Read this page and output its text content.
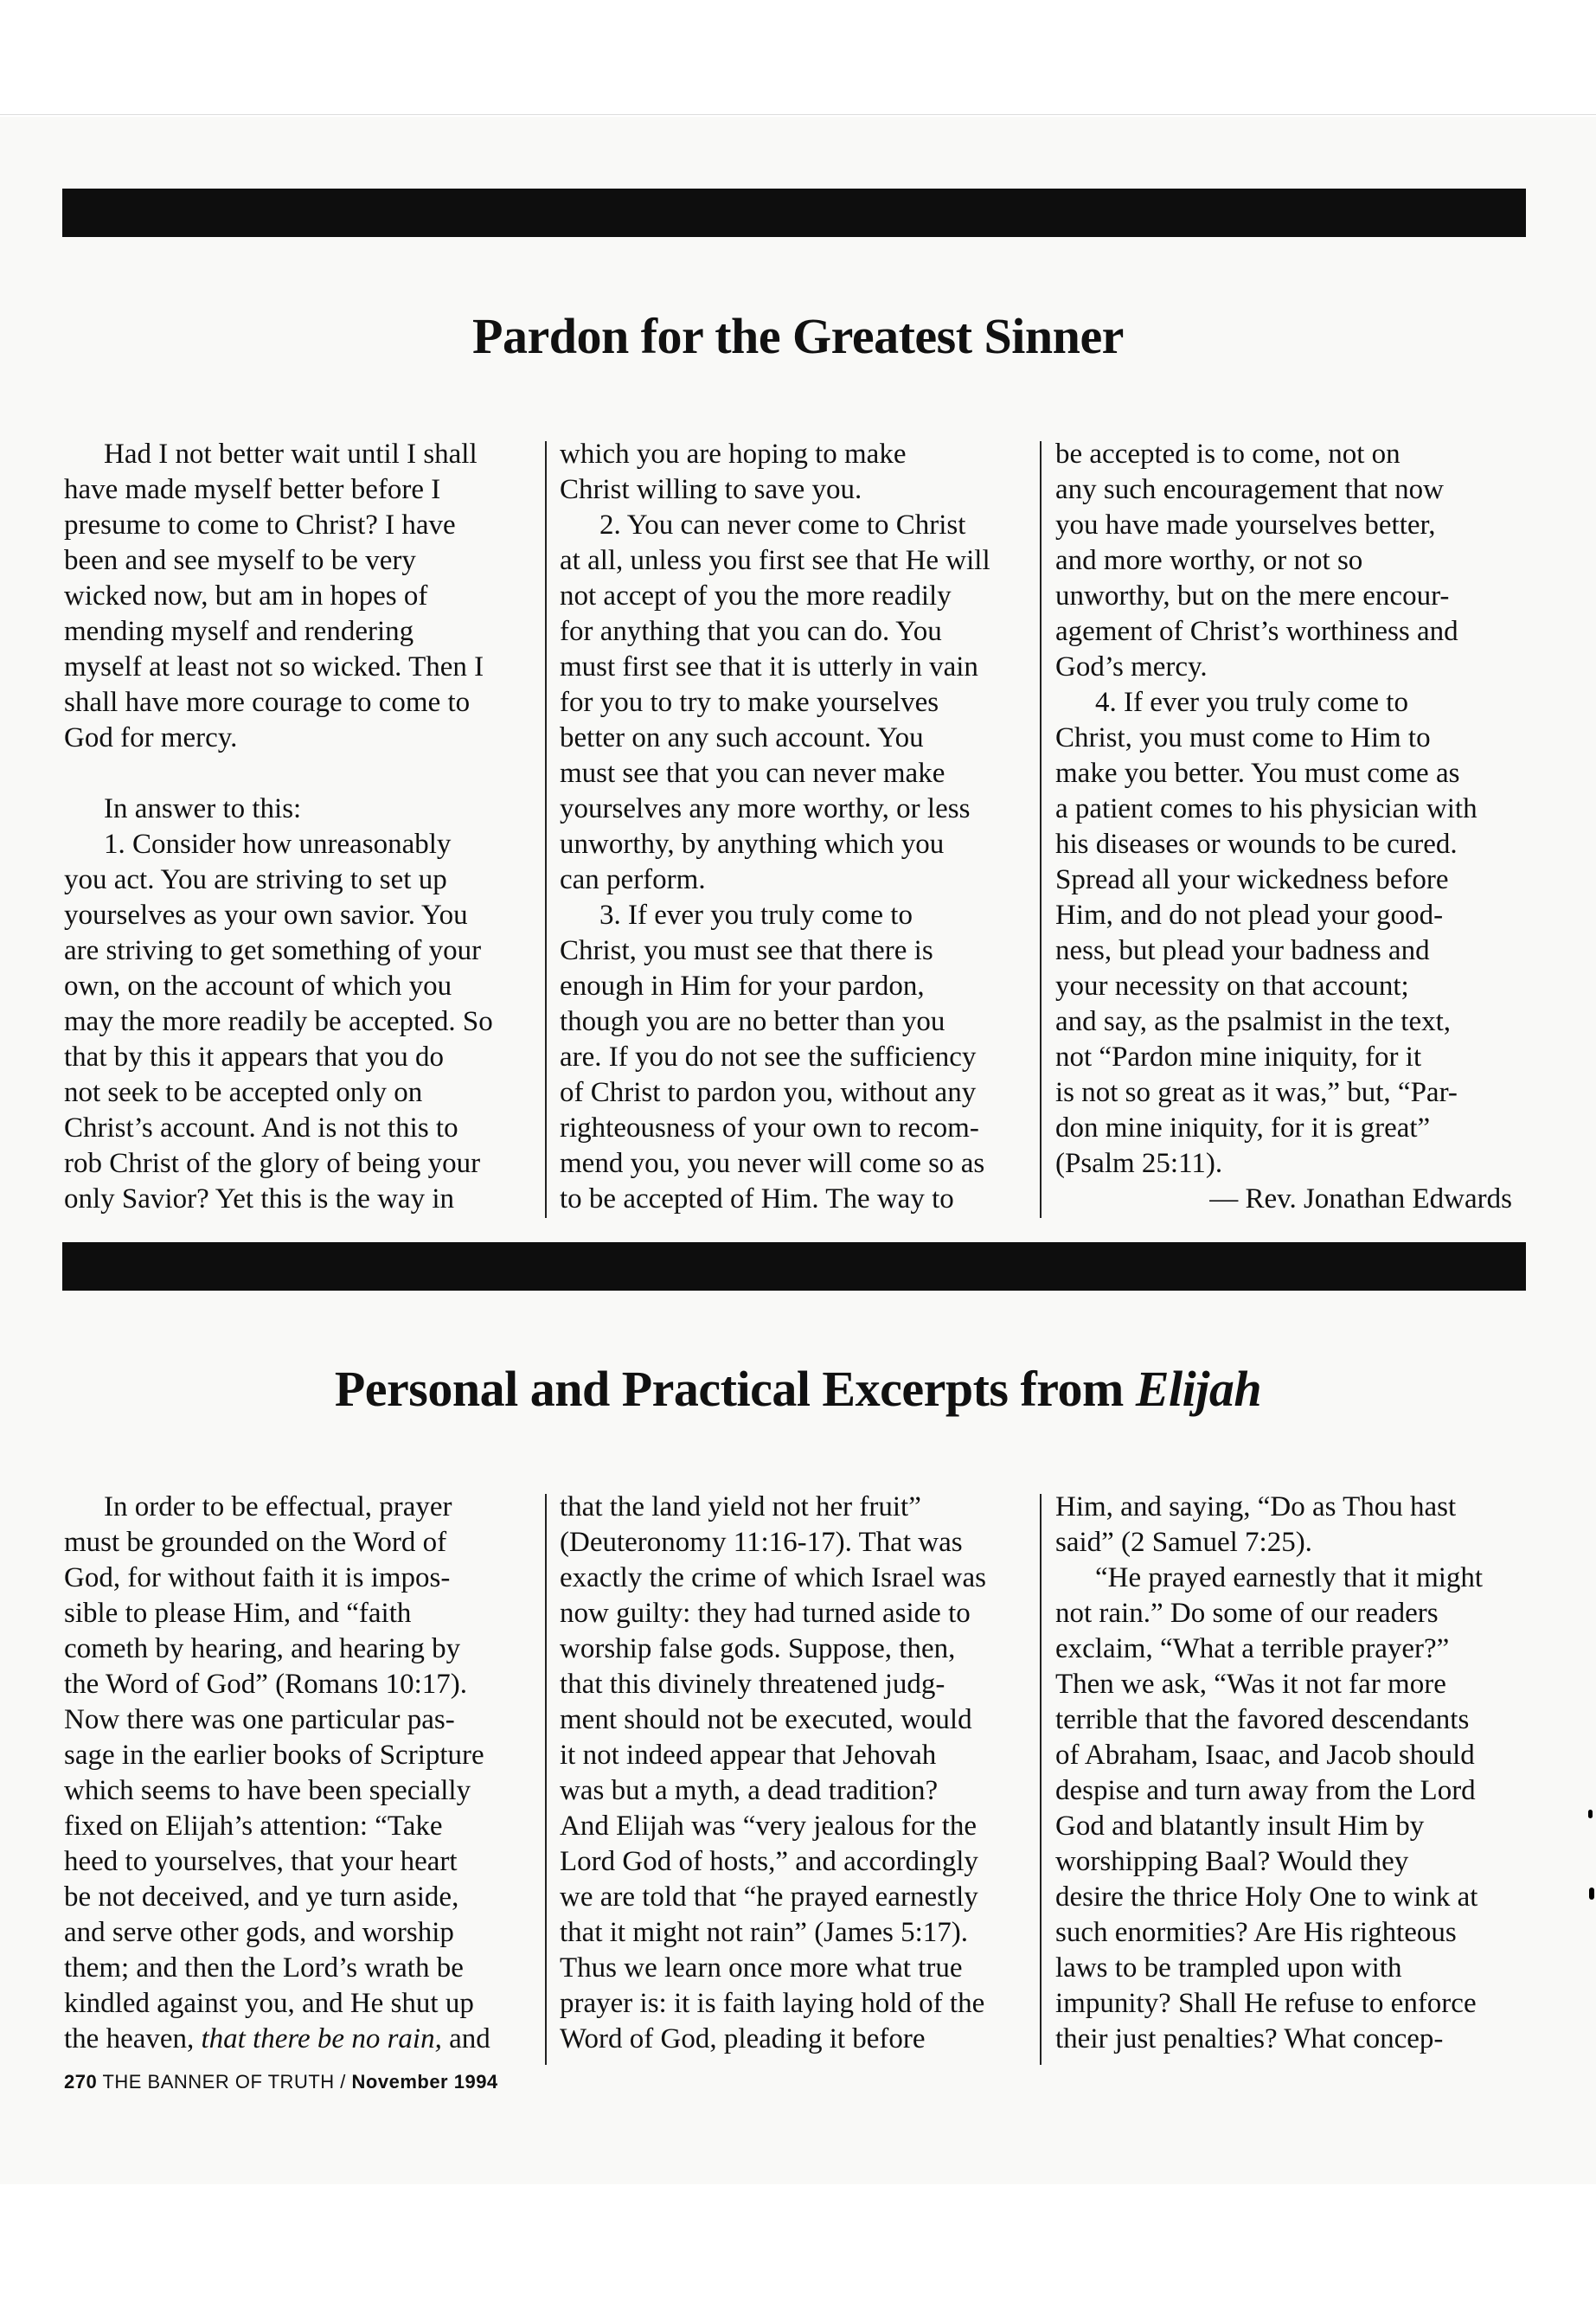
Pardon for the Greatest Sinner

Had I not better wait until I shall
have made myself better before I
presume to come to Christ? I have
been and see myself to be very
wicked now, but am in hopes of
mending myself and rendering
myself at least not so wicked. Then I
shall have more courage to come to
God for mercy.

In answer to this:

1. Consider how unreasonably
you act. You are striving to set up
yourselves as your own savior. You
are striving to get something of your
own, on the account of which you
may the more readily be accepted. So
that by this it appears that you do
not seek to be accepted only on
Christ’s account. And is not this to
rob Christ of the glory of being your
only Savior? Yet this is the way in

which you are hoping to make
Christ willing to save you.

2. You can never come to Christ
at all, unless you first see that He will
not accept of you the more readily
for anything that you can do. You
must first see that it is utterly in vain
for you to try to make yourselves
better on any such account. You
must see that you can never make
yourselves any more worthy, or less
unworthy, by anything which you
can perform.

3. If ever you truly come to
Christ, you must see that there is
enough in Him for your pardon,
though you are no better than you
are. If you do not see the sufficiency
of Christ to pardon you, without any
righteousness of your own to recom-
mend you, you never will come so as
to be accepted of Him. The way to

be accepted is to come, not on
any such encouragement that now
you have made yourselves better,
and more worthy, or not so
unworthy, but on the mere encour-
agement of Christ’s worthiness and
God’s mercy.

4. If ever you truly come to
Christ, you must come to Him to
make you better. You must come as
a patient comes to his physician with
his diseases or wounds to be cured.
Spread all your wickedness before
Him, and do not plead your good-
ness, but plead your badness and
your necessity on that account;
and say, as the psalmist in the text,
not “Pardon mine iniquity, for it
is not so great as it was,” but, “Par-
don mine iniquity, for it is great”
(Psalm 25:11).

— Rev. Jonathan Edwards

Personal and Practical Excerpts from Elijah

In order to be effectual, prayer
must be grounded on the Word of
God, for without faith it is impos-
sible to please Him, and “faith
cometh by hearing, and hearing by
the Word of God” (Romans 10:17).
Now there was one particular pas-
sage in the earlier books of Scripture
which seems to have been specially
fixed on Elijah’s attention: “Take
heed to yourselves, that your heart
be not deceived, and ye turn aside,
and serve other gods, and worship
them; and then the Lord’s wrath be
kindled against you, and He shut up
the heaven, that there be no rain, and

that the land yield not her fruit”
(Deuteronomy 11:16-17). That was
exactly the crime of which Israel was
now guilty: they had turned aside to
worship false gods. Suppose, then,
that this divinely threatened judg-
ment should not be executed, would
it not indeed appear that Jehovah
was but a myth, a dead tradition?
And Elijah was “very jealous for the
Lord God of hosts,” and accordingly
we are told that “he prayed earnestly
that it might not rain” (James 5:17).
Thus we learn once more what true
prayer is: it is faith laying hold of the
Word of God, pleading it before

Him, and saying, “Do as Thou hast
said” (2 Samuel 7:25).

“He prayed earnestly that it might
not rain.” Do some of our readers
exclaim, “What a terrible prayer?”
Then we ask, “Was it not far more
terrible that the favored descendants
of Abraham, Isaac, and Jacob should
despise and turn away from the Lord
God and blatantly insult Him by
worshipping Baal? Would they
desire the thrice Holy One to wink at
such enormities? Are His righteous
laws to be trampled upon with
impunity? Shall He refuse to enforce
their just penalties? What concep-

270 THE BANNER OF TRUTH / November 1994
